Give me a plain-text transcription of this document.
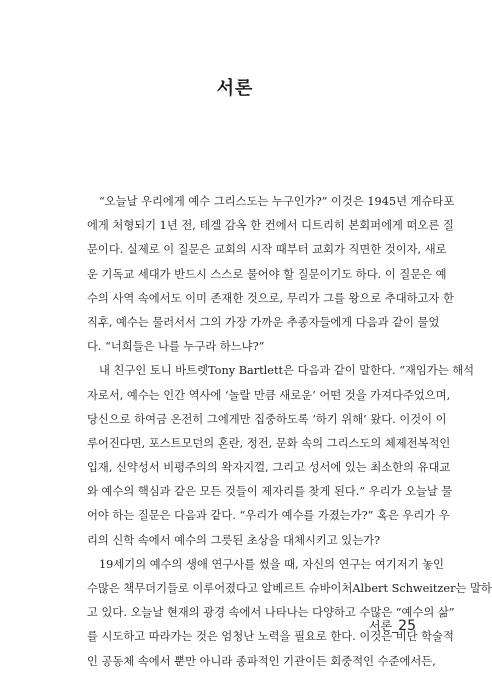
서론
“오늘날 우리에게 예수 그리스도는 누구인가?” 이것은 1945년 게슈타포
에게 처형되기 1년 전, 테겔 감옥 한 컨에서 디트리히 본회퍼에게 떠오른 질
문이다. 실제로 이 질문은 교회의 시작 때부터 교회가 직면한 것이자, 새로
운 기독교 세대가 반드시 스스로 물어야 할 질문이기도 하다. 이 질문은 예
수의 사역 속에서도 이미 존재한 것으로, 무리가 그를 왕으로 추대하고자 한
직후, 예수는 물러서서 그의 가장 가까운 추종자들에게 다음과 같이 물었
다. “너희들은 나를 누구라 하느냐?”
내 친구인 토니 바트렛Tony Bartlett은 다음과 같이 말한다. “재임가는 해석
자로서, 예수는 인간 역사에 ‘놀랄 만큼 새로운’ 어떤 것을 가져다주었으며,
당신으로 하여금 온전히 그에게만 집중하도록 ‘하기 위해’ 왔다. 이것이 이
루어진다면, 포스트모던의 혼란, 정전, 문화 속의 그리스도의 체제전복적인
입재, 신약성서 비평주의의 왁자지껄, 그리고 성서에 있는 최소한의 유대교
와 예수의 핵심과 같은 모든 것들이 제자리를 찾게 된다.” 우리가 오늘날 물
어야 하는 질문은 다음과 같다. “우리가 예수를 가졌는가?” 혹은 우리가 우
리의 신학 속에서 예수의 그릇된 초상을 대체시키고 있는가?
19세기의 예수의 생애 연구사를 썼을 때, 자신의 연구는 여기저기 놓인
수많은 책무더기들로 이루어졌다고 알베르트 슈바이처Albert Schweitzer는 말하
고 있다. 오늘날 현재의 광경 속에서 나타나는 다양하고 수많은 “예수의 삶”
를 시도하고 따라가는 것은 엄청난 노력을 필요로 한다. 이것은 비단 학술적
인 공동체 속에서 뿐만 아니라 종파적인 기관이든 회중적인 수준에서든,
서론_25
